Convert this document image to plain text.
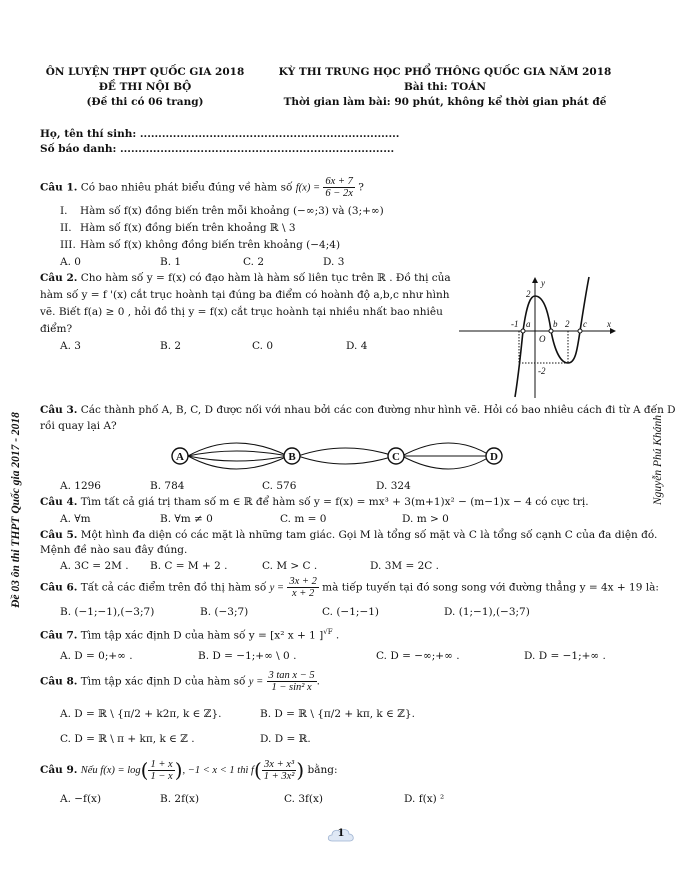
ÔN LUYỆN THPT QUỐC GIA 2018
ĐỀ THI NỘI BỘ
(Đề thi có 06 trang)
KỲ THI TRUNG HỌC PHỔ THÔNG QUỐC GIA NĂM 2018
Bài thi: TOÁN
Thời gian làm bài: 90 phút, không kể thời gian phát đề
Họ, tên thí sinh: .......................................................................
Số báo danh: ...........................................................................
Đề 03 ôn thi THPT Quốc gia 2017 - 2018	Nguyễn Phú Khánh
Câu 1. Có bao nhiêu phát biểu đúng về hàm số $f(x) = \frac{6x + 7}{6 - 2x}$ ?
I. Hàm số f(x) đồng biến trên mỗi khoảng (−∞;3) và (3;+∞)
II. Hàm số f(x) đồng biến trên khoảng ℝ \ 3
III. Hàm số f(x) không đồng biến trên khoảng (−4;4)
A. 0	B. 1	C. 2	D. 3
Câu 2. Cho hàm số y = f(x) có đạo hàm là hàm số liên tục trên ℝ . Đồ thị của
hàm số y = f '(x) cắt trục hoành tại đúng ba điểm có hoành độ a,b,c như hình
vẽ. Biết f(a) ≥ 0 , hỏi đồ thị y = f(x) cắt trục hoành tại nhiều nhất bao nhiêu
điểm?
A. 3	B. 2	C. 0	D. 4
y
x
O
-1 a	b 2 c
2
-2
Câu 3. Các thành phố A, B, C, D được nối với nhau bởi các con đường như hình vẽ. Hỏi có bao nhiêu cách đi từ A đến D
rồi quay lại A?
A	B	C	D
A. 1296	B. 784	C. 576	D. 324
Câu 4. Tìm tất cả giá trị tham số m ∈ ℝ để hàm số y = f(x) = mx³ + 3(m+1)x² − (m−1)x − 4 có cực trị.
A. ∀m	B. ∀m ≠ 0	C. m = 0	D. m > 0
Câu 5. Một hình đa diện có các mặt là những tam giác. Gọi M là tổng số mặt và C là tổng số cạnh C của đa diện đó.
Mệnh đề nào sau đây đúng.
A. 3C = 2M . B. C = M + 2 .	C. M > C .	D. 3M = 2C .
Câu 6. Tất cả các điểm trên đồ thị hàm số $y = \frac{3x + 2}{x + 2}$ mà tiếp tuyến tại đó song song với đường thẳng y = 4x + 19 là:
B. (−1;−1),(−3;7)	B. (−3;7)	C. (−1;−1)	D. (1;−1),(−3;7)
Câu 7. Tìm tập xác định D của hàm số y = [x² x + 1 ]$^{√F}$ .
A. D = 0;+∞ .	B. D = −1;+∞ \ 0 .	C. D = −∞;+∞ .	D. D = −1;+∞ .
Câu 8. Tìm tập xác định D của hàm số $y = \frac{\text{3 tan x − 5}}{\text{1 − sin² x}}$ .
A. D = ℝ \ {π/2 + k2π, k ∈ ℤ}.	B. D = ℝ \ {π/2 + kπ, k ∈ ℤ}.
C. D = ℝ \ π + kπ, k ∈ ℤ .	D. D = ℝ.
Câu 9. Nếu $f(x) = \log( \frac{1 + x}{1 - x}$ ), −1 < x < 1 thì $f( \frac{\text{3x + x³}}{\text{1 + 3x²}}$ ) bằng:
A. −f(x)	B. 2f(x)	C. 3f(x)	D. f(x) ²
1
